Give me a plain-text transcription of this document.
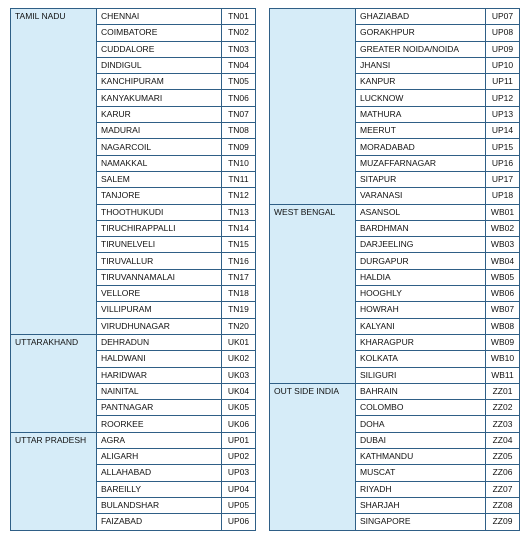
TAMIL NADU	CHENNAI	TN01
	COIMBATORE	TN02
	CUDDALORE	TN03
	DINDIGUL	TN04
	KANCHIPURAM	TN05
	KANYAKUMARI	TN06
	KARUR	TN07
	MADURAI	TN08
	NAGARCOIL	TN09
	NAMAKKAL	TN10
	SALEM	TN11
	TANJORE	TN12
	THOOTHUKUDI	TN13
	TIRUCHIRAPPALLI	TN14
	TIRUNELVELI	TN15
	TIRUVALLUR	TN16
	TIRUVANNAMALAI	TN17
	VELLORE	TN18
	VILLIPURAM	TN19
	VIRUDHUNAGAR	TN20
UTTARAKHAND	DEHRADUN	UK01
	HALDWANI	UK02
	HARIDWAR	UK03
	NAINITAL	UK04
	PANTNAGAR	UK05
	ROORKEE	UK06
UTTAR PRADESH	AGRA	UP01
	ALIGARH	UP02
	ALLAHABAD	UP03
	BAREILLY	UP04
	BULANDSHAR	UP05
	FAIZABAD	UP06
	GHAZIABAD	UP07
	GORAKHPUR	UP08
	GREATER NOIDA/NOIDA	UP09
	JHANSI	UP10
	KANPUR	UP11
	LUCKNOW	UP12
	MATHURA	UP13
	MEERUT	UP14
	MORADABAD	UP15
	MUZAFFARNAGAR	UP16
	SITAPUR	UP17
	VARANASI	UP18
WEST BENGAL	ASANSOL	WB01
	BARDHMAN	WB02
	DARJEELING	WB03
	DURGAPUR	WB04
	HALDIA	WB05
	HOOGHLY	WB06
	HOWRAH	WB07
	KALYANI	WB08
	KHARAGPUR	WB09
	KOLKATA	WB10
	SILIGURI	WB11
OUT SIDE INDIA	BAHRAIN	ZZ01
	COLOMBO	ZZ02
	DOHA	ZZ03
	DUBAI	ZZ04
	KATHMANDU	ZZ05
	MUSCAT	ZZ06
	RIYADH	ZZ07
	SHARJAH	ZZ08
	SINGAPORE	ZZ09
